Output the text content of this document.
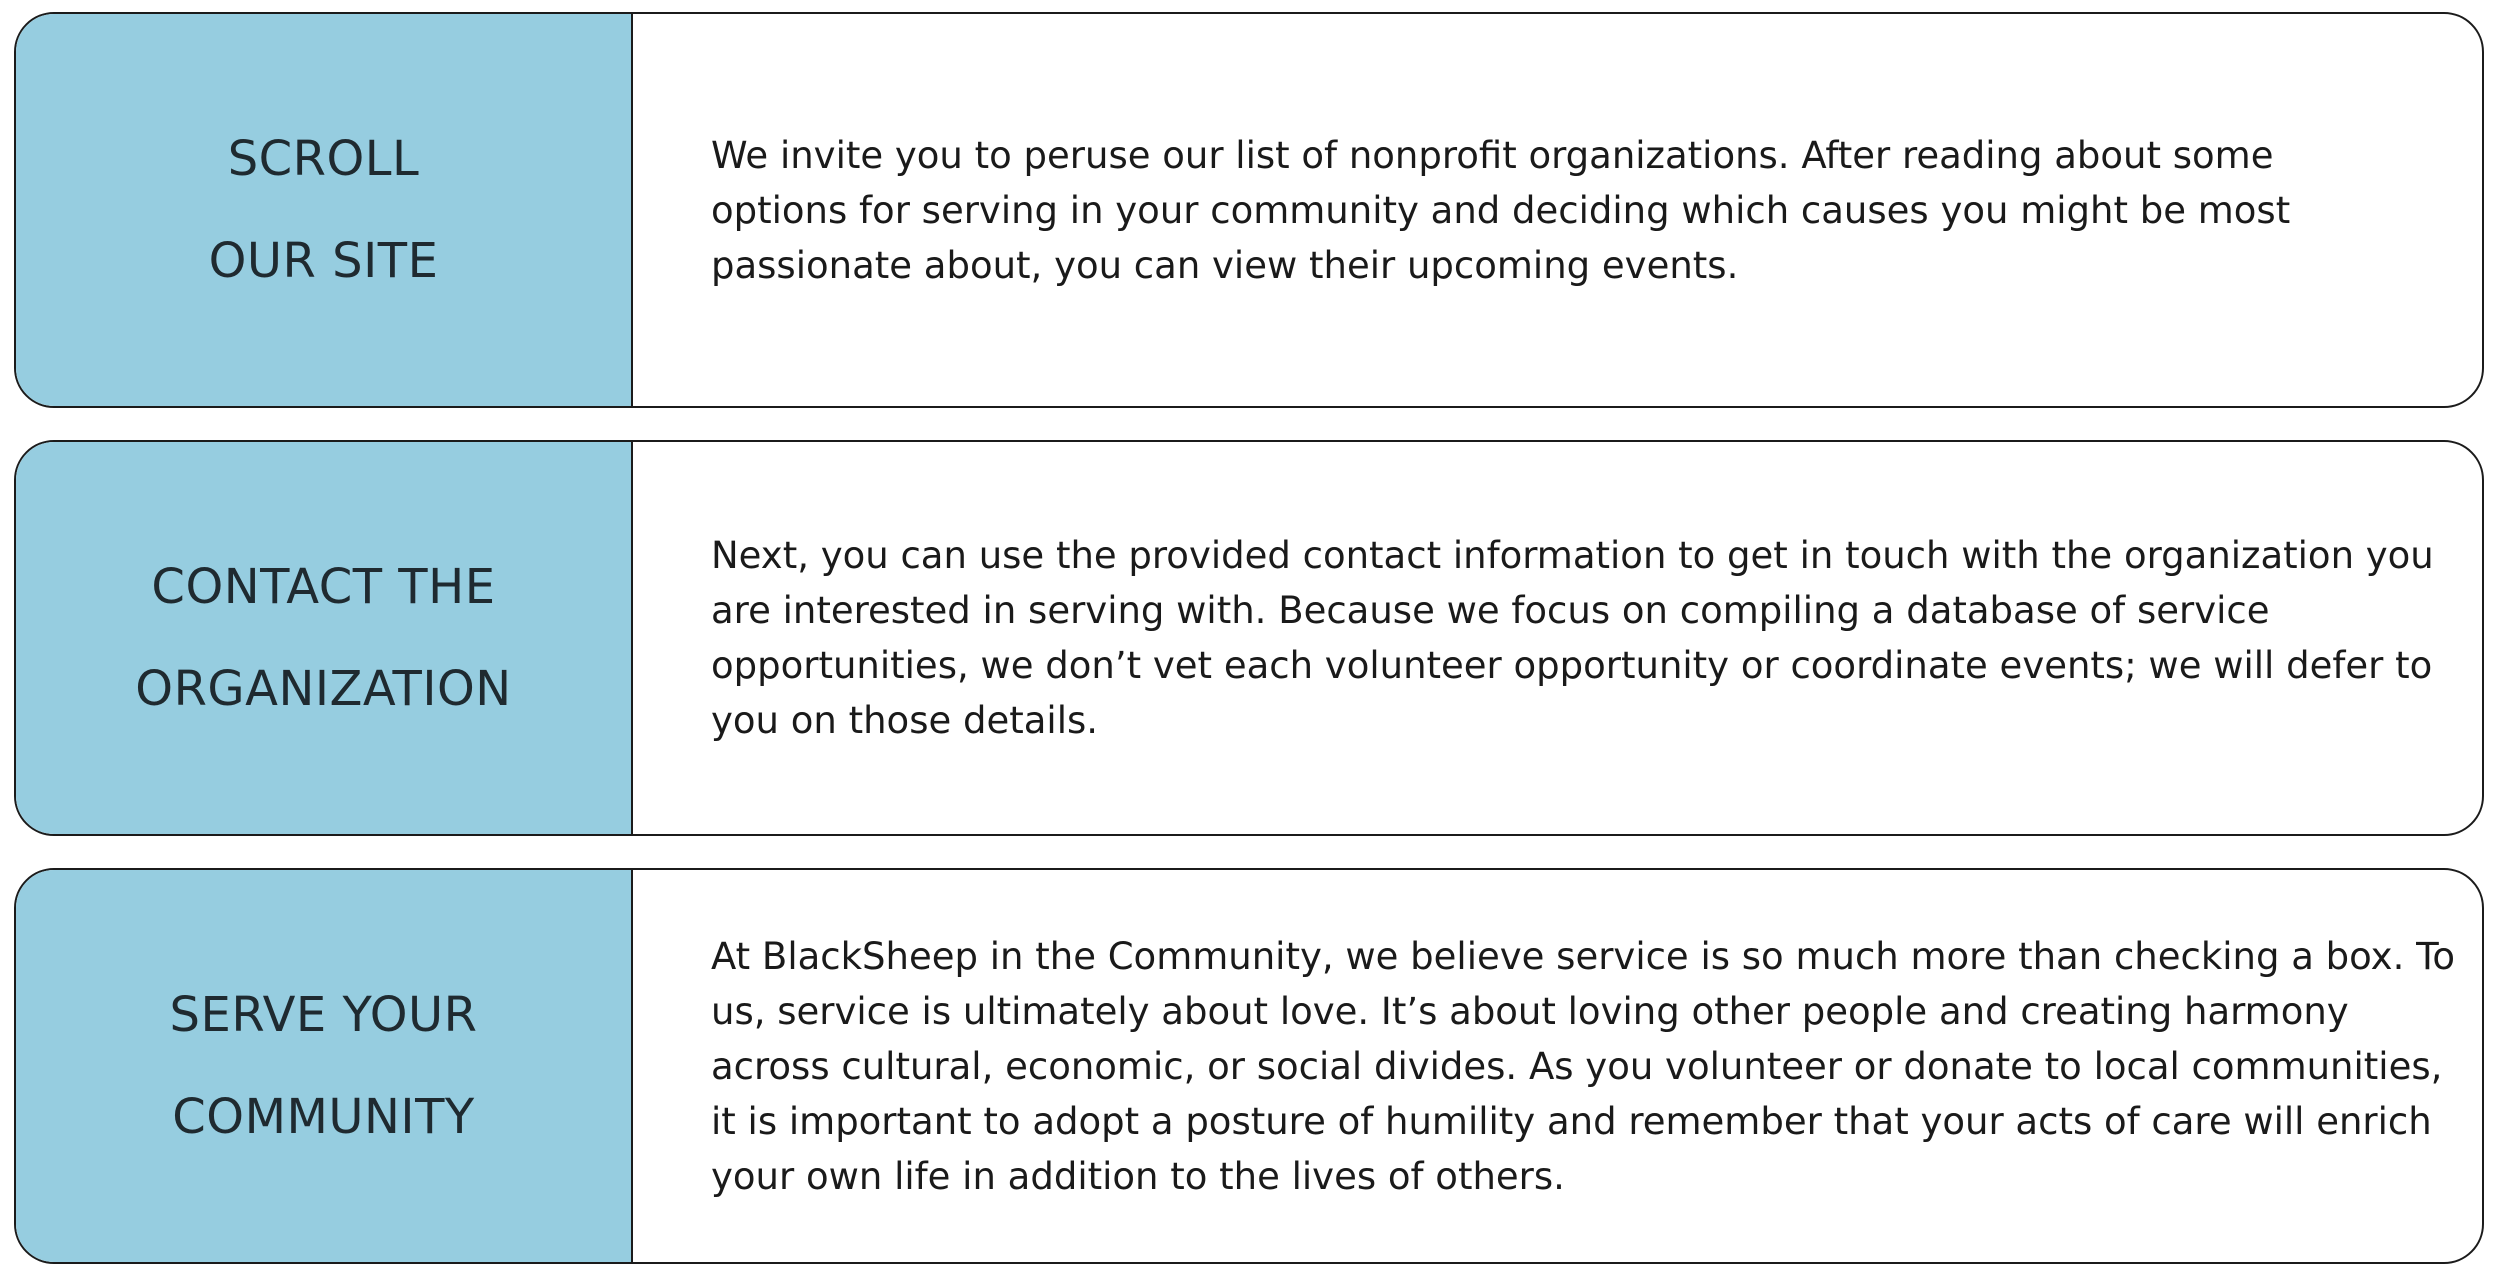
SCROLL

OUR SITE

We invite you to peruse our list of nonprofit organizations. After reading about some options for serving in your community and deciding which causes you might be most passionate about, you can view their upcoming events.

CONTACT THE

ORGANIZATION

Next, you can use the provided contact information to get in touch with the organization you are interested in serving with. Because we focus on compiling a database of service opportunities, we don’t vet each volunteer opportunity or coordinate events; we will defer to you on those details.

SERVE YOUR

COMMUNITY

At BlackSheep in the Community, we believe service is so much more than checking a box. To us, service is ultimately about love. It’s about loving other people and creating harmony across cultural, economic, or social divides. As you volunteer or donate to local communities, it is important to adopt a posture of humility and remember that your acts of care will enrich your own life in addition to the lives of others.
